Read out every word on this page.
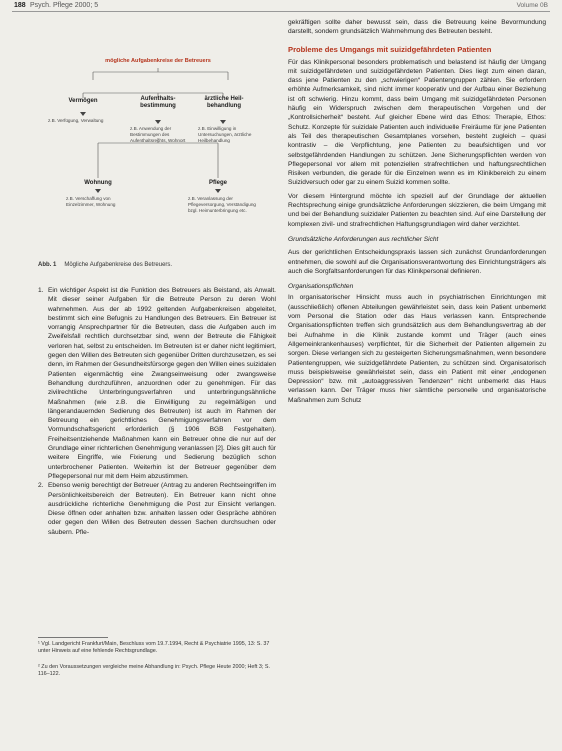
188 Psych. Pflege 2000; 5	Volume 0B
mögliche Aufgabenkreise der Betreuers
Vermögen
z.B. Verfügung, Verwaltung
Aufenthalts-bestimmung
z.B. Anwendung der Bestimmungen des Aufenthaltsrechts, Wohnort
ärztliche Heil-behandlung
z.B. Einwilligung in Untersuchungen, ärztliche Heilbehandlung
Wohnung
z.B. Verschaffung von Einzelzimmer, Wohnung
Pflege
z.B. Veranlassung der Pflegeversorgung, Verständigung bzgl. Heimunterbringung etc.
Abb. 1 Mögliche Aufgabenkreise des Betreuers.
1. Ein wichtiger Aspekt ist die Funktion des Betreuers als Beistand, als Anwalt. Mit dieser seiner Aufgaben für die Betreute Person zu deren Wohl wahrnehmen. Aus der ab 1992 geltenden Aufgabenkreisen abgeleitet, bestimmt sich eine Befugnis zu Handlungen des Betreuers. Ein Betreuer ist vorrangig Ansprechpartner für die Betreuten, dass die Aufgaben auch im Zweifelsfall rechtlich durchsetzbar sind, wenn der Betreute die Fähigkeit verloren hat, selbst zu entscheiden. Im Betreuten ist er daher nicht legitimiert, gegen den Willen des Betreuten sich gegenüber Dritten durchzusetzen, es sei denn, im Rahmen der Gesundheitsfürsorge gegen den Willen eines suizidalen Patienten eigenmächtig eine Zwangseinweisung oder zwangsweise Behandlung durchzuführen, anzuordnen oder zu genehmigen. Für das zivilrechtliche Unterbringungsverfahren und unterbringungsähnliche Maßnahmen (wie z.B. die Einwilligung zu regelmäßigen und längerandauernden Sedierung des Betreuten) ist auch im Rahmen der Betreuung ein gerichtliches Genehmigungsverfahren vor dem Vormundschaftsgericht erforderlich (§ 1906 BGB Festgehalten). Freiheitsentziehende Maßnahmen kann ein Betreuer ohne die nur auf der Grundlage einer richterlichen Genehmigung veranlassen [2]. Dies gilt auch für weitere Eingriffe, wie Fixierung und Sedierung bezüglich schon unterbrochener Patienten. Weiterhin ist der Betreuer gegenüber dem Pflegepersonal nur mit dem Heim abzustimmen.

2. Ebenso wenig berechtigt der Betreuer (Antrag zu anderen Rechtseingriffen im Persönlichkeitsbereich der Betreuten). Ein Betreuer kann nicht ohne ausdrückliche richterliche Genehmigung die Post zur Einsicht verlangen. Diese öffnen oder anhalten bzw. anhalten lassen oder Gespräche abhören oder gegen den Willen des Betreuten dessen Sachen durchsuchen oder säubern. Pfle-

¹ Vgl. Landgericht Frankfurt/Main, Beschluss vom 19.7.1994, Recht & Psychiatrie 1995, 13: S. 37 unter Hinweis auf eine fehlende Rechtsgrundlage.
² Zu den Voraussetzungen vergleiche meine Abhandlung in: Psych. Pflege Heute 2000; Heft 3; S. 116–122.

gekräftigen sollte daher bewusst sein, dass die Betreuung keine Bevormundung darstellt, sondern grundsätzlich Wahrnehmung des Betreuten besteht.

Probleme des Umgangs mit suizidgefährdeten Patienten

Für das Klinikpersonal besonders problematisch und belastend ist häufig der Umgang mit suizidgefährdeten und suizidgefährdeten Patienten. Dies liegt zum einen daran, dass jene Patienten zu den „schwierigen“ Patientengruppen zählen. Sie erfordern erhöhte Aufmerksamkeit, sind nicht immer kooperativ und der Aufbau einer Beziehung ist oft schwierig. Hinzu kommt, dass beim Umgang mit suizidgefährdeten Personen häufig ein Widerspruch zwischen dem therapeutischen Vorgehen und der „Kontrollsicherheit“ besteht. Auf gleicher Ebene wird das Ethos: Therapie, Ethos: Schutz. Konzepte für suizidale Patienten auch individuelle Freiräume für jene Patienten als Teil des therapeutischen Gesamtplanes vorsehen, besteht zugleich – quasi kontrastiv – die Verpflichtung, jene Patienten zu beaufsichtigen und vor selbstgefährdenden Handlungen zu schützen. Jene Sicherungspflichten werden von Pflegepersonal vor allem mit potenziellen strafrechtlichen und haftungsrechtlichen Risiken verbunden, die gerade für die Einzelnen wenn es im Klinikbereich zu einem Suizidversuch oder gar zu einem Suizid kommen sollte.

Vor diesem Hintergrund möchte ich speziell auf der Grundlage der aktuellen Rechtsprechung einige grundsätzliche Anforderungen skizzieren, die beim Umgang mit und bei der Behandlung suizidaler Patienten zu beachten sind. Auf eine Darstellung der komplexen zivil- und strafrechtlichen Haftungsgrundlagen wird daher verzichtet.

Grundsätzliche Anforderungen aus rechtlicher Sicht

Aus der gerichtlichen Entscheidungspraxis lassen sich zunächst Grundanforderungen entnehmen, die sowohl auf die Organisationsverantwortung des Einrichtungsträgers als auch die Sorgfaltsanforderungen für das Klinikpersonal definieren.

Organisationspflichten

In organisatorischer Hinsicht muss auch in psychiatrischen Einrichtungen mit (ausschließlich) offenen Abteilungen gewährleistet sein, dass kein Patient unbemerkt vom Personal die Station oder das Haus verlassen kann. Entsprechende Organisationspflichten treffen sich grundsätzlich aus dem Behandlungsvertrag ab der bei Aufnahme in die Klinik zustande kommt und Träger (auch eines Allgemeinkrankenhauses) verpflichtet, für die Sicherheit der Patienten allgemein zu sorgen. Diese verlangen sich zu gesteigerten Sicherungsmaßnahmen, wenn besondere Patientengruppen, wie suizidgefährdete Patienten, zu schützen sind. Organisatorisch muss beispielsweise gewährleistet sein, dass ein Patient mit einer „endogenen Depression“ bzw. mit „autoaggressiven Tendenzen“ nicht unbemerkt das Haus verlassen kann. Der Träger muss hier sämtliche personelle und organisatorische Maßnahmen zum Schutz
